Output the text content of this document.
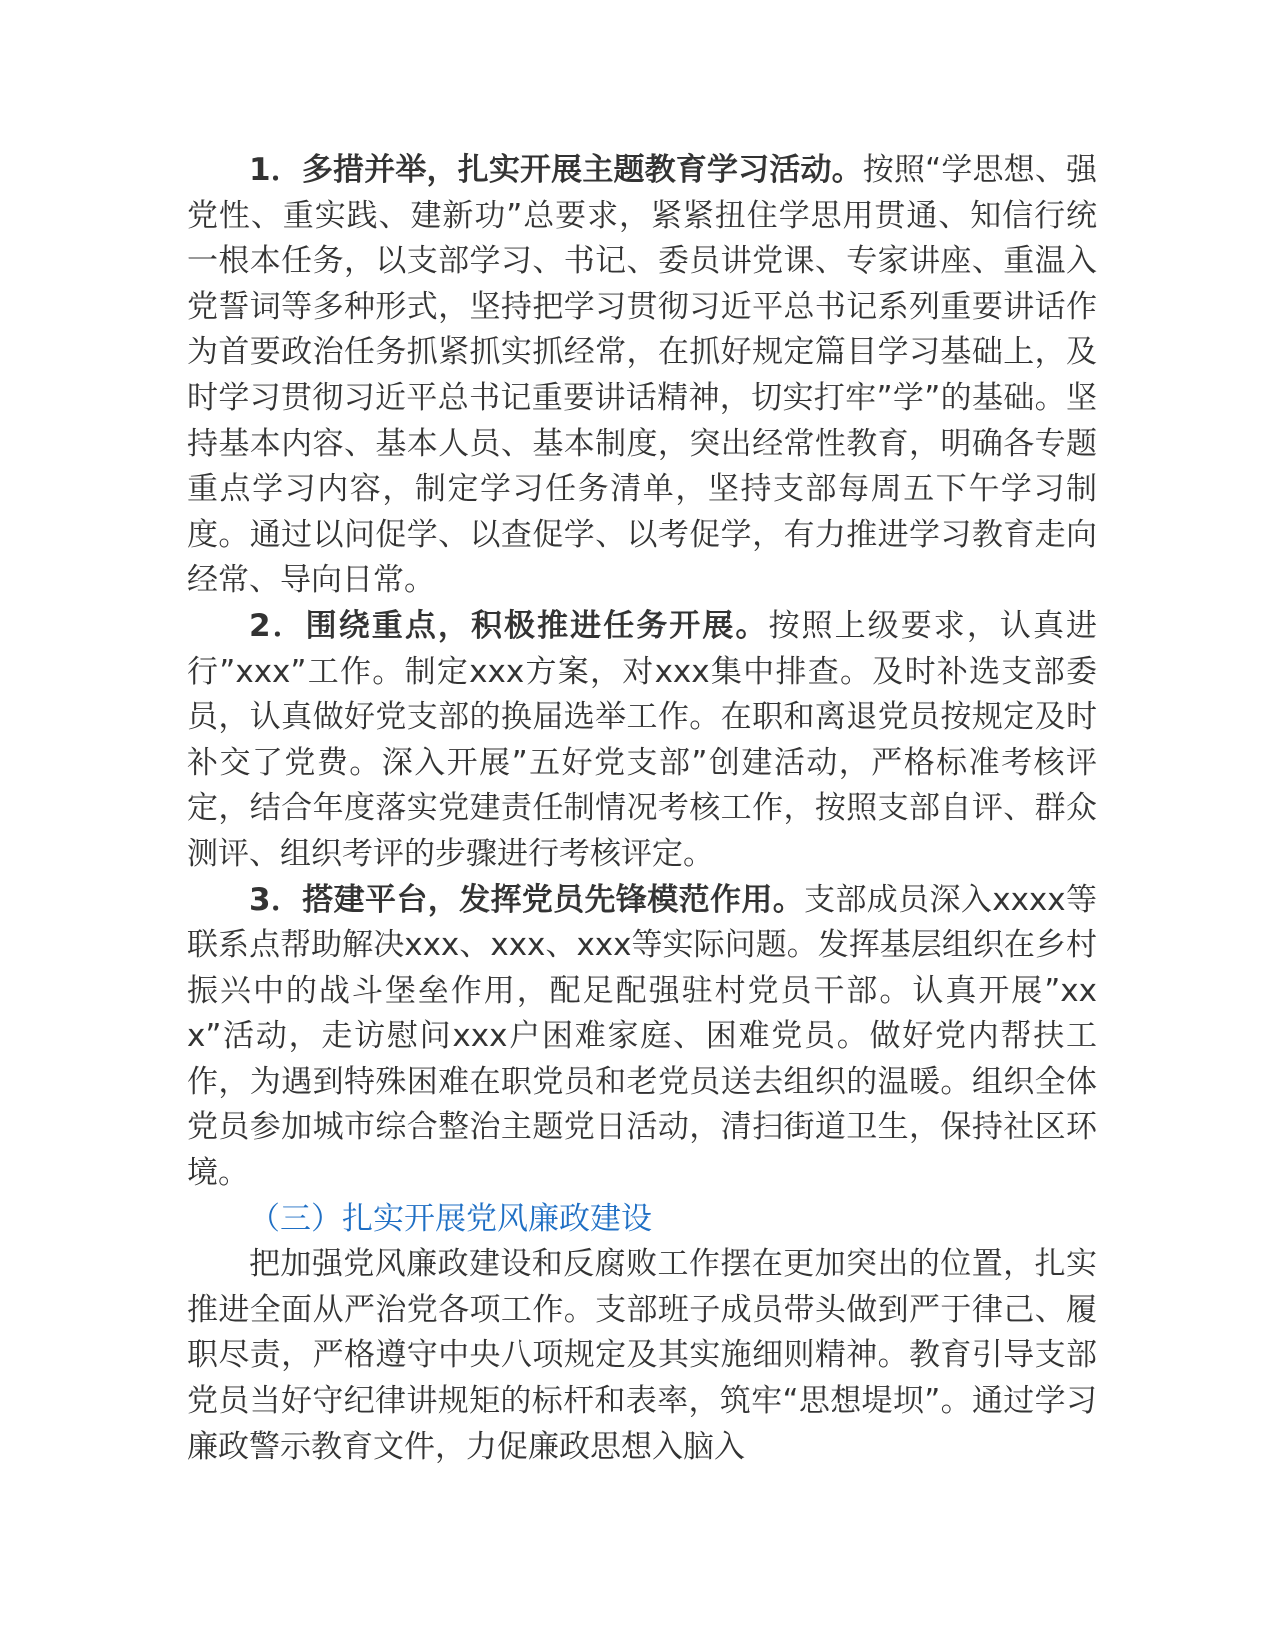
1．多措并举，扎实开展主题教育学习活动。按照“学思想、强党性、重实践、建新功”总要求，紧紧扭住学思用贯通、知信行统一根本任务，以支部学习、书记、委员讲党课、专家讲座、重温入党誓词等多种形式，坚持把学习贯彻习近平总书记系列重要讲话作为首要政治任务抓紧抓实抓经常，在抓好规定篇目学习基础上，及时学习贯彻习近平总书记重要讲话精神，切实打牢”学”的基础。坚持基本内容、基本人员、基本制度，突出经常性教育，明确各专题重点学习内容，制定学习任务清单，坚持支部每周五下午学习制度。通过以问促学、以查促学、以考促学，有力推进学习教育走向经常、导向日常。

2．围绕重点，积极推进任务开展。按照上级要求，认真进行”xxx”工作。制定xxx方案，对xxx集中排查。及时补选支部委员，认真做好党支部的换届选举工作。在职和离退党员按规定及时补交了党费。深入开展”五好党支部”创建活动，严格标准考核评定，结合年度落实党建责任制情况考核工作，按照支部自评、群众测评、组织考评的步骤进行考核评定。

3．搭建平台，发挥党员先锋模范作用。支部成员深入xxxx等联系点帮助解决xxx、xxx、xxx等实际问题。发挥基层组织在乡村振兴中的战斗堡垒作用，配足配强驻村党员干部。认真开展”xxx”活动，走访慰问xxx户困难家庭、困难党员。做好党内帮扶工作，为遇到特殊困难在职党员和老党员送去组织的温暖。组织全体党员参加城市综合整治主题党日活动，清扫街道卫生，保持社区环境。

（三）扎实开展党风廉政建设

把加强党风廉政建设和反腐败工作摆在更加突出的位置，扎实推进全面从严治党各项工作。支部班子成员带头做到严于律己、履职尽责，严格遵守中央八项规定及其实施细则精神。教育引导支部党员当好守纪律讲规矩的标杆和表率，筑牢“思想堤坝”。通过学习廉政警示教育文件，力促廉政思想入脑入
